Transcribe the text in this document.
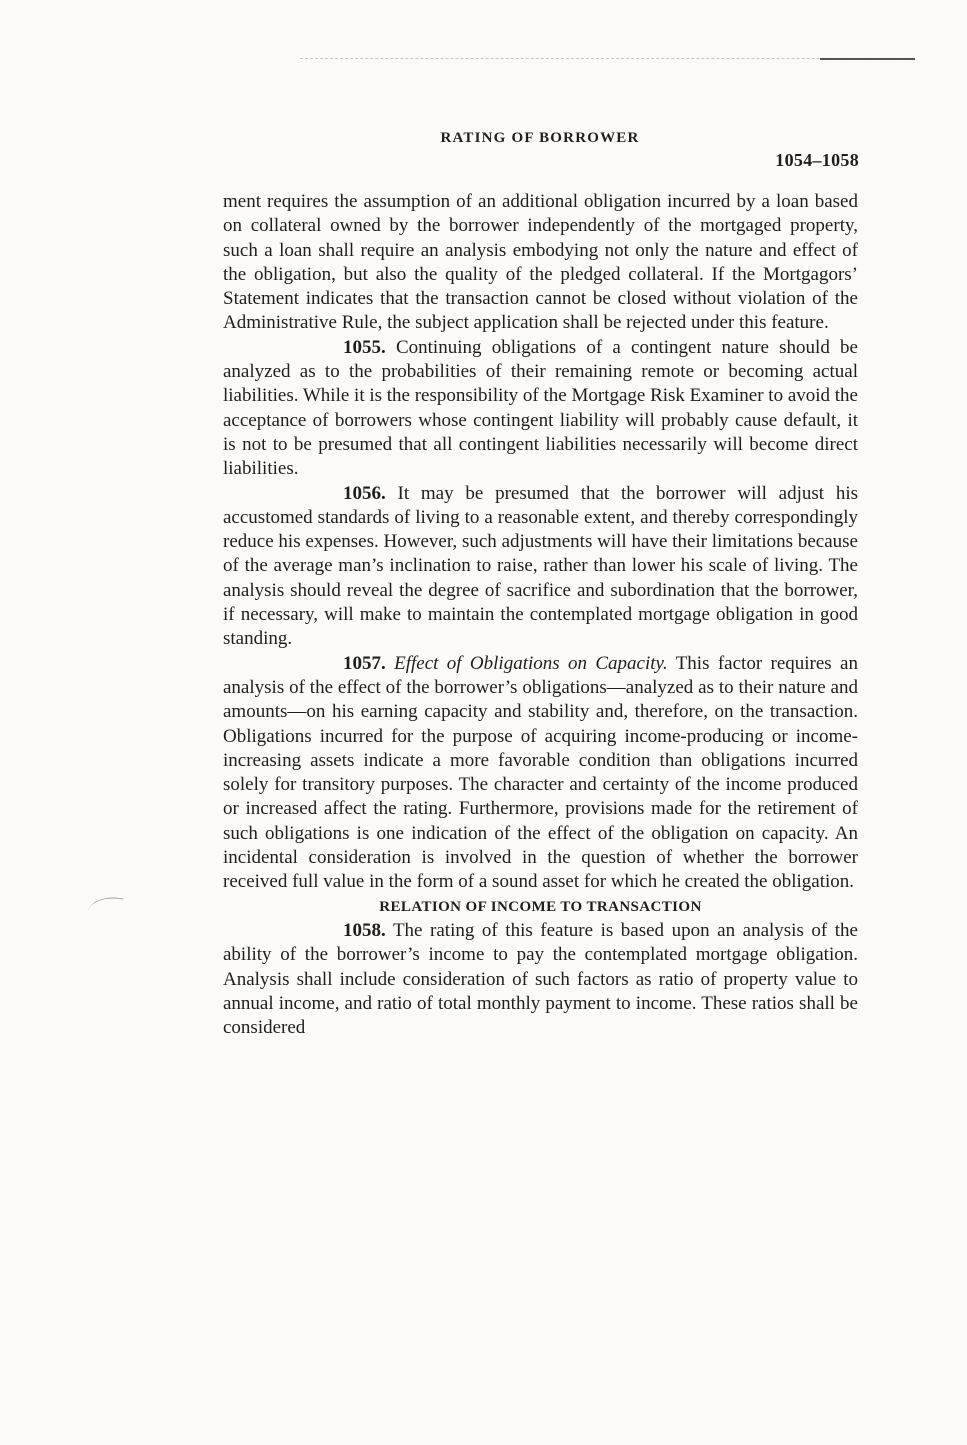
RATING OF BORROWER
1054–1058

ment requires the assumption of an additional obligation incurred by a loan based on collateral owned by the borrower independently of the mortgaged property, such a loan shall require an analysis embodying not only the nature and effect of the obligation, but also the quality of the pledged collateral. If the Mortgagors’ Statement indicates that the transaction cannot be closed without violation of the Administrative Rule, the subject application shall be rejected under this feature.

1055. Continuing obligations of a contingent nature should be analyzed as to the probabilities of their remaining remote or becoming actual liabilities. While it is the responsibility of the Mortgage Risk Examiner to avoid the acceptance of borrowers whose contingent liability will probably cause default, it is not to be presumed that all contingent liabilities necessarily will become direct liabilities.

1056. It may be presumed that the borrower will adjust his accustomed standards of living to a reasonable extent, and thereby correspondingly reduce his expenses. However, such adjustments will have their limitations because of the average man’s inclination to raise, rather than lower his scale of living. The analysis should reveal the degree of sacrifice and subordination that the borrower, if necessary, will make to maintain the contemplated mortgage obligation in good standing.

1057. Effect of Obligations on Capacity. This factor requires an analysis of the effect of the borrower’s obligations—analyzed as to their nature and amounts—on his earning capacity and stability and, therefore, on the transaction. Obligations incurred for the purpose of acquiring income-producing or income-increasing assets indicate a more favorable condition than obligations incurred solely for transitory purposes. The character and certainty of the income produced or increased affect the rating. Furthermore, provisions made for the retirement of such obligations is one indication of the effect of the obligation on capacity. An incidental consideration is involved in the question of whether the borrower received full value in the form of a sound asset for which he created the obligation.

RELATION OF INCOME TO TRANSACTION

1058. The rating of this feature is based upon an analysis of the ability of the borrower’s income to pay the contemplated mortgage obligation. Analysis shall include consideration of such factors as ratio of property value to annual income, and ratio of total monthly payment to income. These ratios shall be considered
